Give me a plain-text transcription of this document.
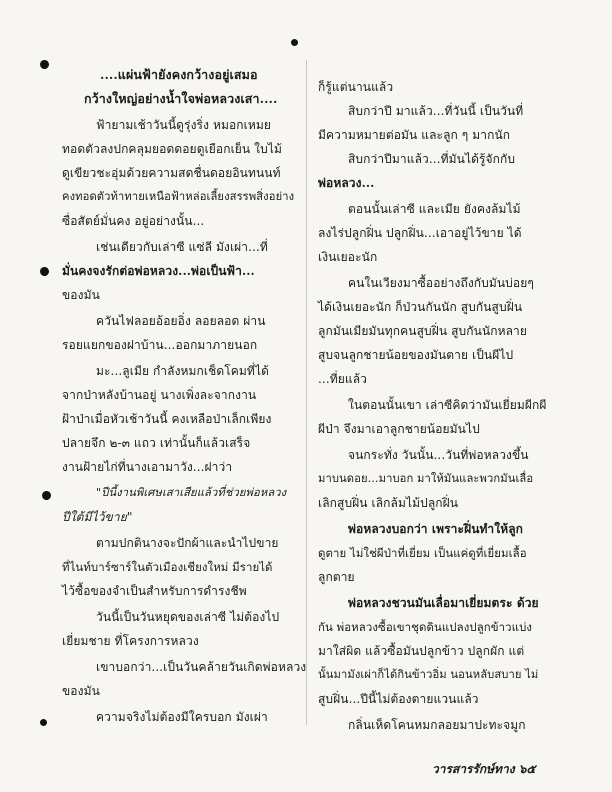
....แผ่นฟ้ายังคงกว้างอยู่เสมอ
กว้างใหญ่อย่างน้ำใจพ่อหลวงเสา....
ฟ้ายามเช้าวันนี้ดูรุ่งริ่ง หมอกเหมย
ทอดตัวลงปกคลุมยอดดอยดูเยือกเย็น ใบไม้
ดูเขียวชะอุ่มด้วยความสดชื่นดอยอินทนนท์
คงทอดตัวท้าทายเหนือฟ้าหล่อเลี้ยงสรรพสิ่งอย่าง
ซื่อสัตย์มั่นคง อยู่อย่างนั้น...
เช่นเดียวกับเล่าซี แซ่ลี มังเผ่า...ที่
มั่นคงจงรักต่อพ่อหลวง...พ่อเป็นฟ้า...
ของมัน
ควันไฟลอยอ้อยอิ่ง ลอยลอด ผ่าน
รอยแยกของฝาบ้าน...ออกมาภายนอก
มะ...ลูเมีย กำลังหมกเช็ดโคมที่ได้
จากป่าหลังบ้านอยู่ นางเพิ่งละจากงาน
ฝ้าป่าเมื่อหัวเช้าวันนี้ คงเหลือป่าเล็กเพียง
ปลายจึก ๒-๓ แถว เท่านั้นก็แล้วเสร็จ
งานฝ้ายไก่ที่นางเอามาวัง...ฝาว่า
"ปีนี้งานพิเศษเสาเสียแล้วที่ช่วยพ่อหลวง
ปีใต้มีไว้ขาย"
ตามปกตินางจะปักผ้าและนำไปขาย
ที่ไนท์บาร์ซาร์ในตัวเมืองเชียงใหม่ มีรายได้
ไว้ซื้อของจำเป็นสำหรับการดำรงชีพ
วันนี้เป็นวันหยุดของเล่าซี ไม่ต้องไป
เยี่ยมชาย ที่โครงการหลวง
เขาบอกว่า...เป็นวันคล้ายวันเกิดพ่อหลวง
ของมัน
ความจริงไม่ต้องมีใครบอก มังเผ่า
ก็รู้แต่นานแล้ว
สิบกว่าปี มาแล้ว...ที่วันนี้ เป็นวันที่
มีความหมายต่อมัน และลูก ๆ มากนัก
สิบกว่าปีมาแล้ว...ที่มันได้รู้จักกับ
พ่อหลวง...
ตอนนั้นเล่าซี และเมีย ยังคงล้มไม้
ลงไร่ปลูกฝิ่น ปลูกฝิ่น...เอาอยู่ไว้ขาย ได้
เงินเยอะนัก
คนในเวียงมาซื้ออย่างถึงกับมันบ่อยๆ
ได้เงินเยอะนัก ก็ป่วนกันนัก สูบกันสูบฝิ่น
ลูกมันเมียมันทุกคนสูบฝิ่น สูบกันนักหลาย
สูบจนลูกชายน้อยของมันตาย เป็นผีไป
...ที่ยแล้ว
ในตอนนั้นเขา เล่าซีคิดว่ามันเยี่ยมผีกผี
ผีป่า จึงมาเอาลูกชายน้อยมันไป
จนกระทั่ง วันนั้น...วันที่พ่อหลวงขึ้น
มาบนดอย...มาบอก มาให้มันและพวกมันเลื่อ
เลิกสูบฝิ่น เลิกล้มไม้ปลูกฝิ่น
พ่อหลวงบอกว่า เพราะฝิ่นทำให้ลูก
ดูตาย ไม่ใช่ผีป่าที่เยี่ยม เป็นแค่ดูที่เยี่ยมเลื้อ
ลูกตาย
พ่อหลวงชวนมันเลื่อมาเยี่ยมตระ ด้วย
กัน พ่อหลวงซื้อเขาชุดดินแปลงปลูกข้าวแบ่ง
มาใส่ผิด แล้วซื้อมันปลูกข้าว ปลูกผัก แต่
นั้นมามังเผ่าก็ได้กินข้าวอิ่ม นอนหลับสบาย ไม่
สูบฝิ่น...ปีนี้ไม่ต้องตายแวนแล้ว
กลิ่นเห็ดโคนหมกลอยมาปะทะจมูก
วารสารรักษ์ทาง ๖๕
